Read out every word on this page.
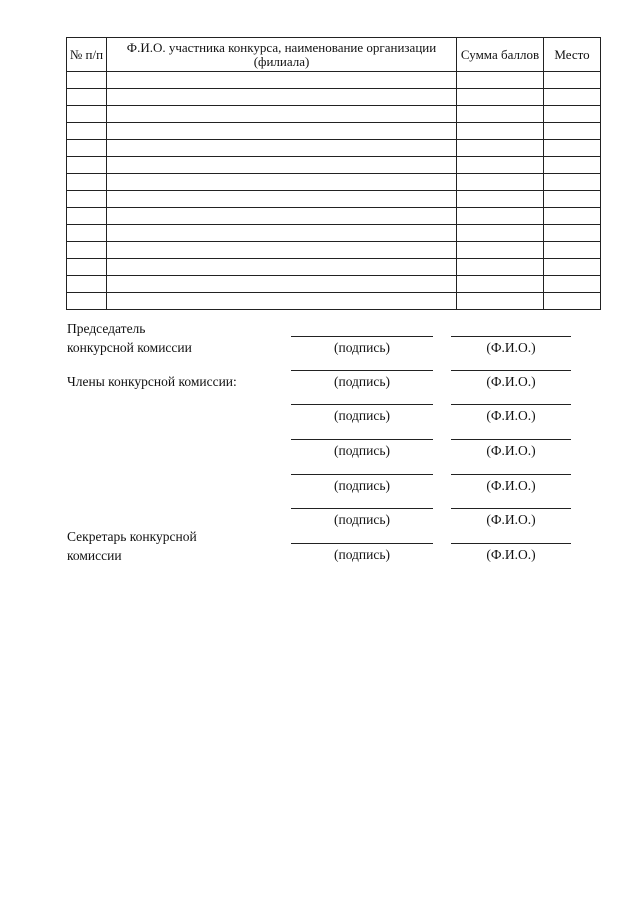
№ п/п	Ф.И.О. участника конкурса, наименование организации (филиала)	Сумма баллов	Место

Председатель
конкурсной комиссии	(подпись)	(Ф.И.О.)
Члены конкурсной комиссии:	(подпись)	(Ф.И.О.)
(подпись)	(Ф.И.О.)
(подпись)	(Ф.И.О.)
(подпись)	(Ф.И.О.)
(подпись)	(Ф.И.О.)
Секретарь конкурсной
комиссии	(подпись)	(Ф.И.О.)
